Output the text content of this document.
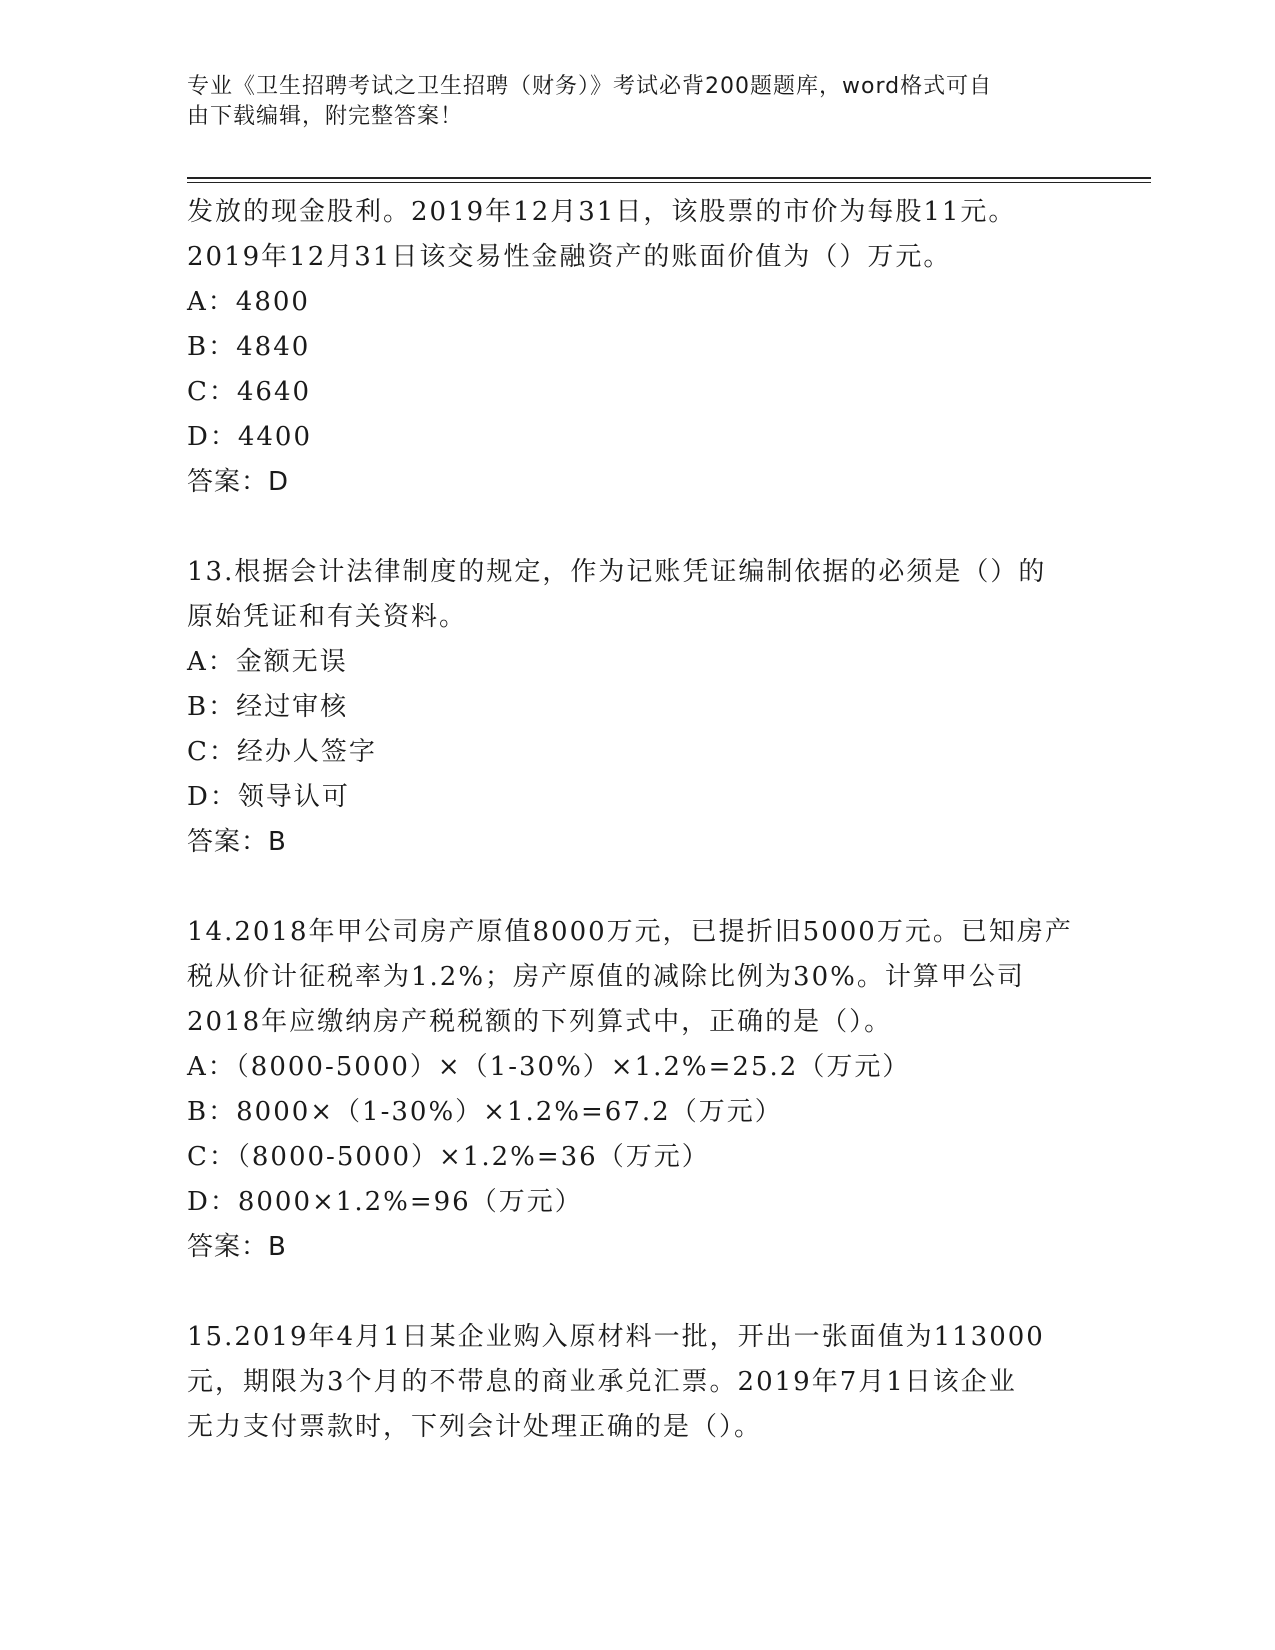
专业《卫生招聘考试之卫生招聘（财务）》考试必背200题题库，word格式可自
由下载编辑，附完整答案！
发放的现金股利。2019年12月31日，该股票的市价为每股11元。
2019年12月31日该交易性金融资产的账面价值为（）万元。
A：4800
B：4840
C：4640
D：4400
答案：D
13.根据会计法律制度的规定，作为记账凭证编制依据的必须是（）的
原始凭证和有关资料。
A：金额无误
B：经过审核
C：经办人签字
D：领导认可
答案：B
14.2018年甲公司房产原值8000万元，已提折旧5000万元。已知房产
税从价计征税率为1.2%；房产原值的减除比例为30%。计算甲公司
2018年应缴纳房产税税额的下列算式中，正确的是（）。
A：（8000-5000）×（1-30%）×1.2%=25.2（万元）
B：8000×（1-30%）×1.2%=67.2（万元）
C：（8000-5000）×1.2%=36（万元）
D：8000×1.2%=96（万元）
答案：B
15.2019年4月1日某企业购入原材料一批，开出一张面值为113000
元，期限为3个月的不带息的商业承兑汇票。2019年7月1日该企业
无力支付票款时，下列会计处理正确的是（）。
